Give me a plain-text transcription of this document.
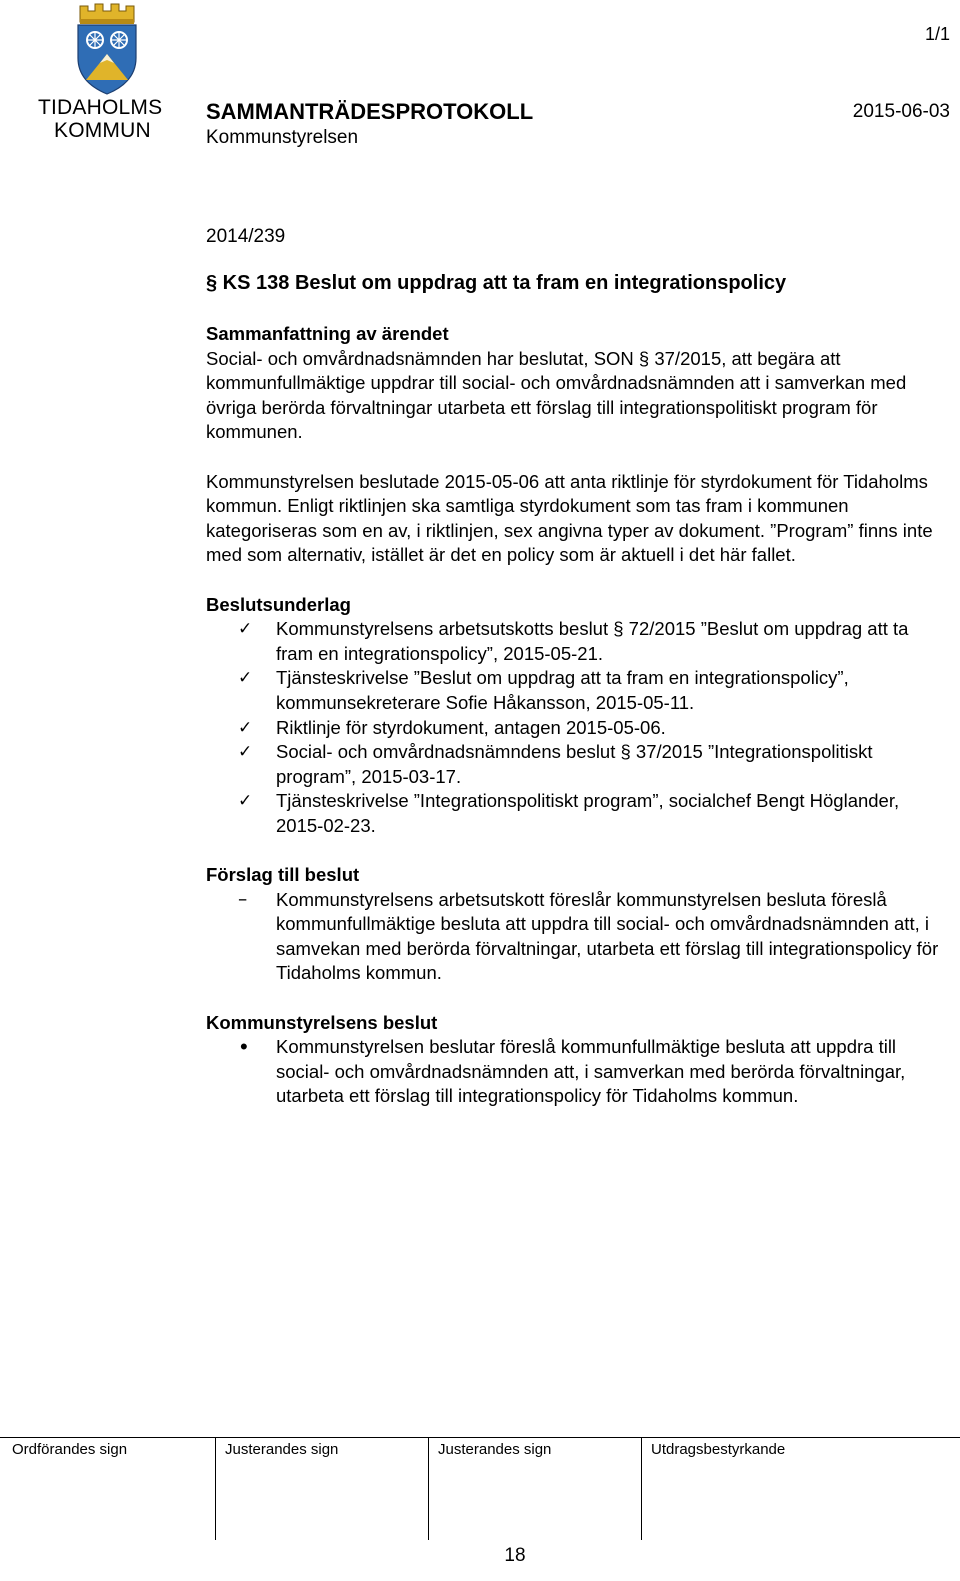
TIDAHOLMS
KOMMUN
1/1
SAMMANTRÄDESPROTOKOLL	2015-06-03
Kommunstyrelsen
2014/239
§ KS 138 Beslut om uppdrag att ta fram en integrationspolicy

Sammanfattning av ärendet

Social- och omvårdnadsnämnden har beslutat, SON § 37/2015, att begära att kommunfullmäktige uppdrar till social- och omvårdnadsnämnden att i samverkan med övriga berörda förvaltningar utarbeta ett förslag till integrationspolitiskt program för kommunen.

Kommunstyrelsen beslutade 2015-05-06 att anta riktlinje för styrdokument för Tidaholms kommun. Enligt riktlinjen ska samtliga styrdokument som tas fram i kommunen kategoriseras som en av, i riktlinjen, sex angivna typer av dokument. ”Program” finns inte med som alternativ, istället är det en policy som är aktuell i det här fallet.

Beslutsunderlag

✓ Kommunstyrelsens arbetsutskotts beslut § 72/2015 ”Beslut om uppdrag att ta fram en integrationspolicy”, 2015-05-21.
✓ Tjänsteskrivelse ”Beslut om uppdrag att ta fram en integrationspolicy”, kommunsekreterare Sofie Håkansson, 2015-05-11.
✓ Riktlinje för styrdokument, antagen 2015-05-06.
✓ Social- och omvårdnadsnämndens beslut § 37/2015 ”Integrationspolitiskt program”, 2015-03-17.
✓ Tjänsteskrivelse ”Integrationspolitiskt program”, socialchef Bengt Höglander, 2015-02-23.

Förslag till beslut

– Kommunstyrelsens arbetsutskott föreslår kommunstyrelsen besluta föreslå kommunfullmäktige besluta att uppdra till social- och omvårdnadsnämnden att, i samvekan med berörda förvaltningar, utarbeta ett förslag till integrationspolicy för Tidaholms kommun.

Kommunstyrelsens beslut

• Kommunstyrelsen beslutar föreslå kommunfullmäktige besluta att uppdra till social- och omvårdnadsnämnden att, i samverkan med berörda förvaltningar, utarbeta ett förslag till integrationspolicy för Tidaholms kommun.
Ordförandes sign	Justerandes sign	Justerandes sign	Utdragsbestyrkande
18
